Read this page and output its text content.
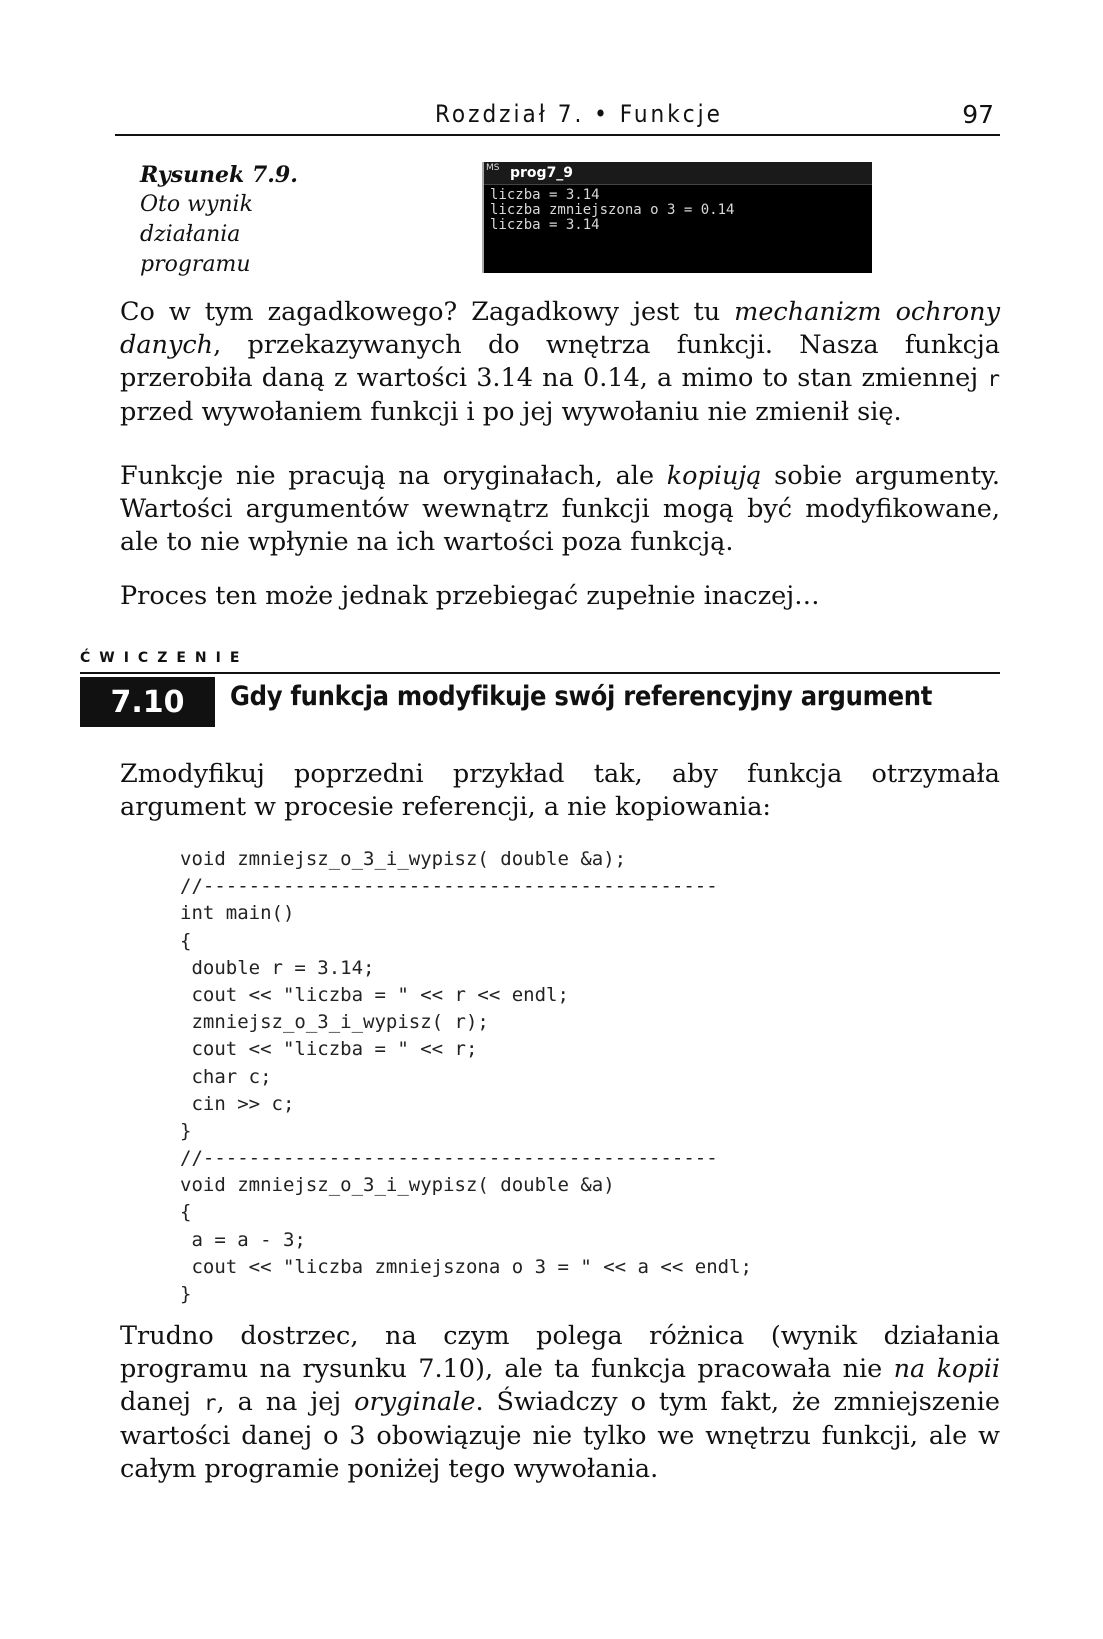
Rozdział 7. • Funkcje	97
Rysunek 7.9.
Oto wynik
działania
programu
MS prog7_9
liczba = 3.14
liczba zmniejszona o 3 = 0.14
liczba = 3.14

Co w tym zagadkowego? Zagadkowy jest tu mechanizm ochrony danych, przekazywanych do wnętrza funkcji. Nasza funkcja przerobiła daną z wartości 3.14 na 0.14, a mimo to stan zmiennej r przed wywołaniem funkcji i po jej wywołaniu nie zmienił się.

Funkcje nie pracują na oryginałach, ale kopiują sobie argumenty. Wartości argumentów wewnątrz funkcji mogą być modyfikowane, ale to nie wpłynie na ich wartości poza funkcją.

Proces ten może jednak przebiegać zupełnie inaczej…

ĆWICZENIE
7.10	Gdy funkcja modyfikuje swój referencyjny argument

Zmodyfikuj poprzedni przykład tak, aby funkcja otrzymała argument w procesie referencji, a nie kopiowania:

void zmniejsz_o_3_i_wypisz( double &a);
//---------------------------------------------
int main()
{
double r = 3.14;
cout << "liczba = " << r << endl;
zmniejsz_o_3_i_wypisz( r);
cout << "liczba = " << r;
char c;
cin >> c;
}
//---------------------------------------------
void zmniejsz_o_3_i_wypisz( double &a)
{
a = a - 3;
cout << "liczba zmniejszona o 3 = " << a << endl;
}

Trudno dostrzec, na czym polega różnica (wynik działania programu na rysunku 7.10), ale ta funkcja pracowała nie na kopii danej r, a na jej oryginale. Świadczy o tym fakt, że zmniejszenie wartości danej o 3 obowiązuje nie tylko we wnętrzu funkcji, ale w całym programie poniżej tego wywołania.
